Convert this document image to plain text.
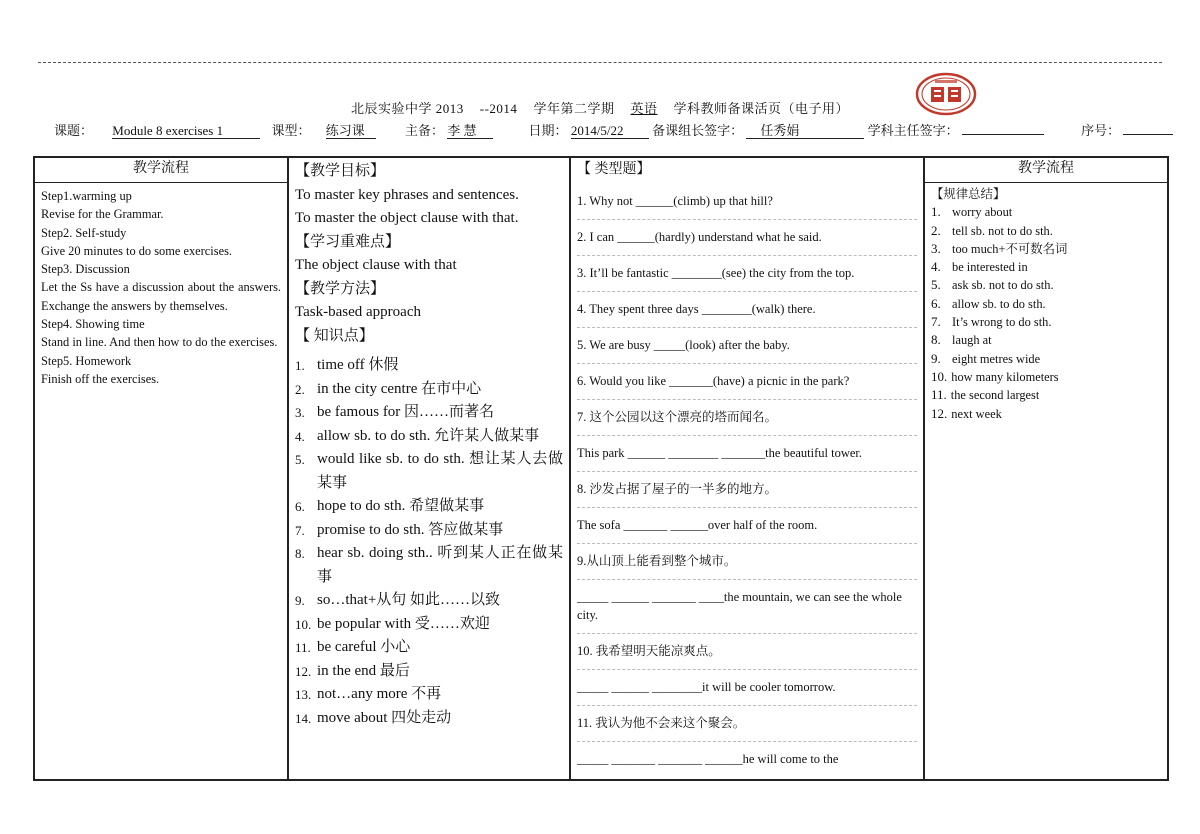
北辰实验中学 2013 --2014 学年第二学期 英语 学科教师备课活页（电子用）
课题： Module 8 exercises 1	课型： 练习课	主备： 李 慧	日期： 2014/5/22 备课组长签字： 任秀娟	学科主任签字：	序号：
教学流程
Step1.warming up
Revise for the Grammar.
Step2. Self-study
Give 20 minutes to do some exercises.
Step3. Discussion
Let the Ss have a discussion about the answers. Exchange the answers by themselves.
Step4. Showing time
Stand in line. And then how to do the exercises.
Step5. Homework
Finish off the exercises.

【教学目标】
To master key phrases and sentences.
To master the object clause with that.
【学习重难点】
The object clause with that
【教学方法】
Task-based approach
【 知识点】
1. time off 休假
2. in the city centre 在市中心
3. be famous for 因……而著名
4. allow sb. to do sth. 允许某人做某事
5. would like sb. to do sth. 想让某人去做某事
6. hope to do sth. 希望做某事
7. promise to do sth. 答应做某事
8. hear sb. doing sth.. 听到某人正在做某事
9. so…that+从句 如此……以致
10. be popular with 受……欢迎
11. be careful 小心
12. in the end 最后
13. not…any more 不再
14. move about 四处走动

【 类型题】
1. Why not ______(climb) up that hill?
2. I can ______(hardly) understand what he said.
3. It’ll be fantastic ________(see) the city from the top.
4. They spent three days ________(walk) there.
5. We are busy _____(look) after the baby.
6. Would you like _______(have) a picnic in the park?
7. 这个公园以这个漂亮的塔而闻名。
This park ______ ________ _______the beautiful tower.
8. 沙发占据了屋子的一半多的地方。
The sofa _______ ______over half of the room.
9.从山顶上能看到整个城市。
_____ ______ _______ ____the mountain, we can see the whole city.
10. 我希望明天能凉爽点。
_____ ______ ________it will be cooler tomorrow.
11. 我认为他不会来这个聚会。
_____ _______ _______ ______he will come to the

教学流程
【规律总结】
1. worry about
2. tell sb. not to do sth.
3. too much+不可数名词
4. be interested in
5. ask sb. not to do sth.
6. allow sb. to do sth.
7. It’s wrong to do sth.
8. laugh at
9. eight metres wide
10. how many kilometers
11. the second largest
12. next week
